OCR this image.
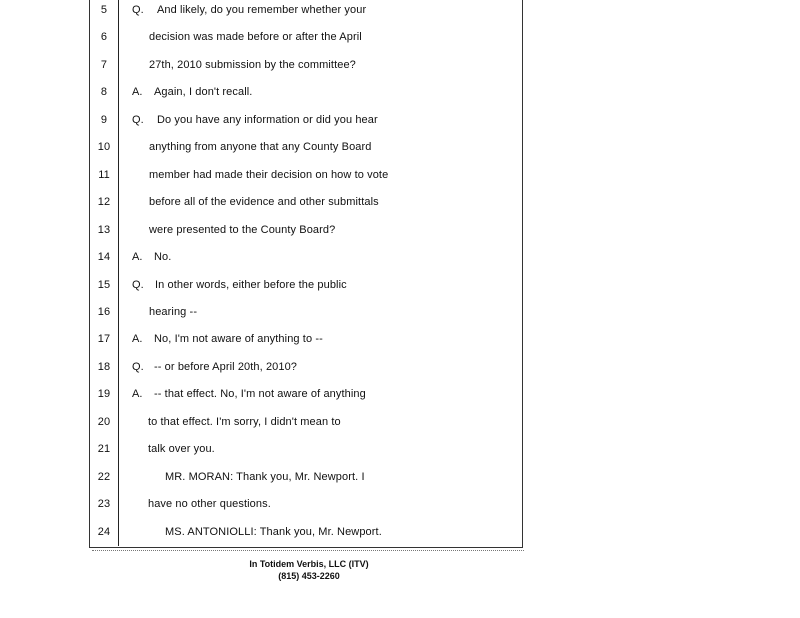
5	Q. And likely, do you remember whether your
6	decision was made before or after the April
7	27th, 2010 submission by the committee?
8	A. Again, I don't recall.
9	Q. Do you have any information or did you hear
10	anything from anyone that any County Board
11	member had made their decision on how to vote
12	before all of the evidence and other submittals
13	were presented to the County Board?
14 A. No.
15 Q. In other words, either before the public
16	hearing --
17 A. No, I'm not aware of anything to --
18 Q. -- or before April 20th, 2010?
19 A. -- that effect. No, I'm not aware of anything
20	to that effect. I'm sorry, I didn't mean to
21	talk over you.
22	MR. MORAN: Thank you, Mr. Newport. I
23	have no other questions.
24	MS. ANTONIOLLI: Thank you, Mr. Newport.
In Totidem Verbis, LLC (ITV)
(815) 453-2260
